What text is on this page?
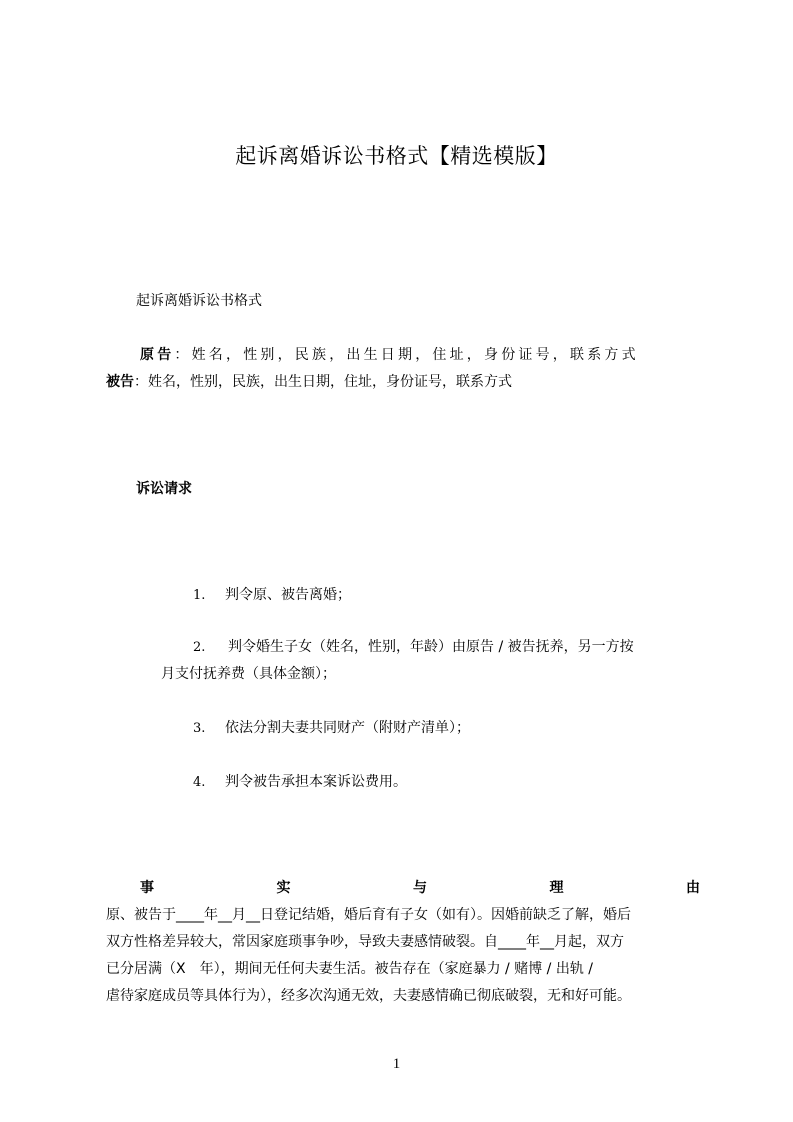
起诉离婚诉讼书格式【精选模版】
起诉离婚诉讼书格式
原告：姓名，性别，民族，出生日期，住址，身份证号，联系方式
被告：姓名，性别，民族，出生日期，住址，身份证号，联系方式
诉讼请求
1. 判令原、被告离婚；
2. 判令婚生子女（姓名，性别，年龄）由原告 / 被告抚养，另一方按
月支付抚养费（具体金额）；
3. 依法分割夫妻共同财产（附财产清单）；
4. 判令被告承担本案诉讼费用。
事	实	与	理	由
原、被告于____年__月__日登记结婚，婚后育有子女（如有）。因婚前缺乏了解，婚后
双方性格差异较大，常因家庭琐事争吵，导致夫妻感情破裂。自____年__月起，双方
已分居满（X　年），期间无任何夫妻生活。被告存在（家庭暴力 / 赌博 / 出轨 /
虐待家庭成员等具体行为），经多次沟通无效，夫妻感情确已彻底破裂，无和好可能。
1
